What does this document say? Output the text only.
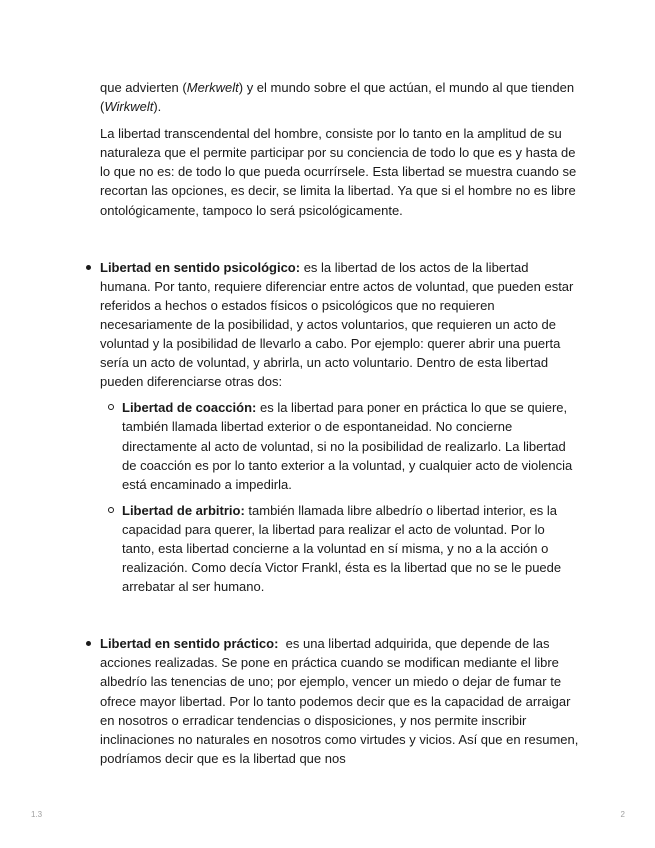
que advierten (Merkwelt) y el mundo sobre el que actúan, el mundo al que tienden (Wirkwelt).

La libertad transcendental del hombre, consiste por lo tanto en la amplitud de su naturaleza que el permite participar por su conciencia de todo lo que es y hasta de lo que no es: de todo lo que pueda ocurrírsele. Esta libertad se muestra cuando se recortan las opciones, es decir, se limita la libertad. Ya que si el hombre no es libre ontológicamente, tampoco lo será psicológicamente.

Libertad en sentido psicológico: es la libertad de los actos de la libertad humana. Por tanto, requiere diferenciar entre actos de voluntad, que pueden estar referidos a hechos o estados físicos o psicológicos que no requieren necesariamente de la posibilidad, y actos voluntarios, que requieren un acto de voluntad y la posibilidad de llevarlo a cabo. Por ejemplo: querer abrir una puerta sería un acto de voluntad, y abrirla, un acto voluntario. Dentro de esta libertad pueden diferenciarse otras dos:

Libertad de coacción: es la libertad para poner en práctica lo que se quiere, también llamada libertad exterior o de espontaneidad. No concierne directamente al acto de voluntad, si no la posibilidad de realizarlo. La libertad de coacción es por lo tanto exterior a la voluntad, y cualquier acto de violencia está encaminado a impedirla.

Libertad de arbitrio: también llamada libre albedrío o libertad interior, es la capacidad para querer, la libertad para realizar el acto de voluntad. Por lo tanto, esta libertad concierne a la voluntad en sí misma, y no a la acción o realización. Como decía Victor Frankl, ésta es la libertad que no se le puede arrebatar al ser humano.

Libertad en sentido práctico:  es una libertad adquirida, que depende de las acciones realizadas. Se pone en práctica cuando se modifican mediante el libre albedrío las tenencias de uno; por ejemplo, vencer un miedo o dejar de fumar te ofrece mayor libertad. Por lo tanto podemos decir que es la capacidad de arraigar en nosotros o erradicar tendencias o disposiciones, y nos permite inscribir inclinaciones no naturales en nosotros como virtudes y vicios. Así que en resumen, podríamos decir que es la libertad que nos

1.3	2
